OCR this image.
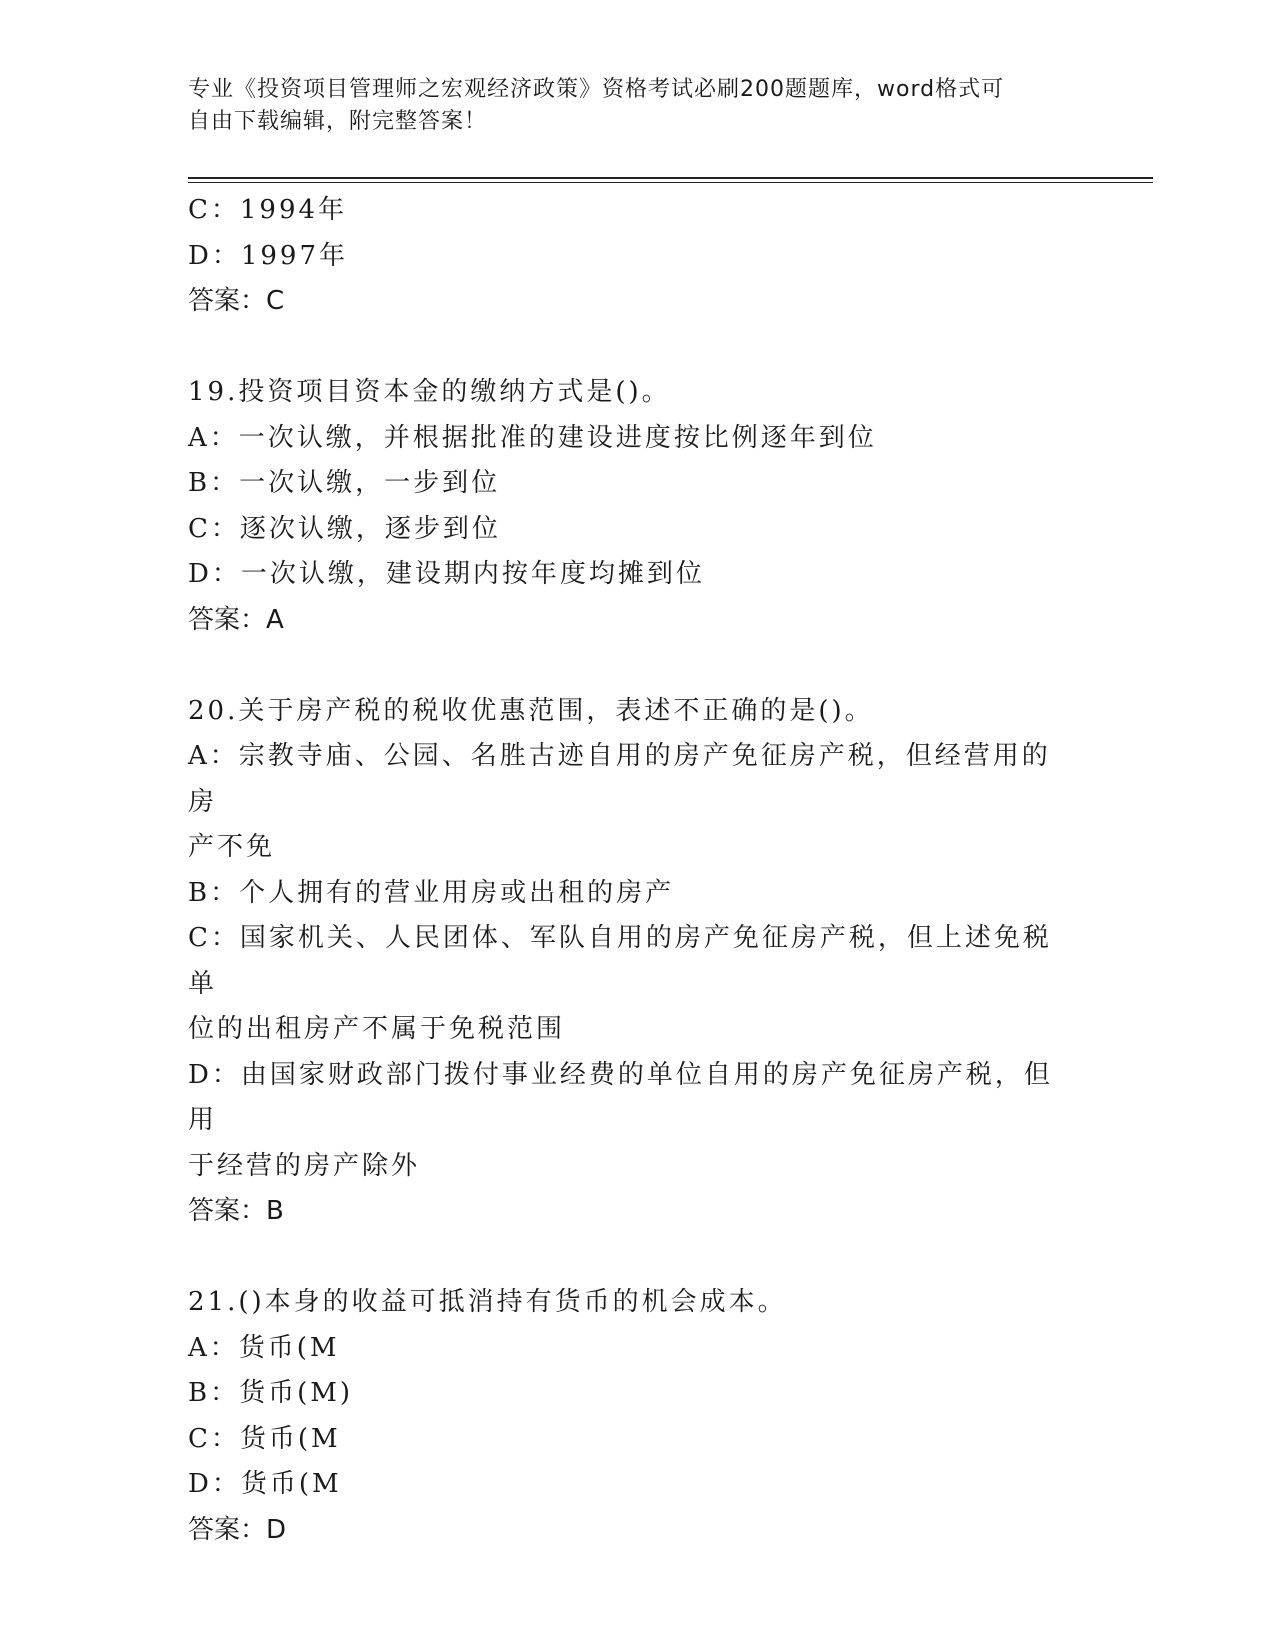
专业《投资项目管理师之宏观经济政策》资格考试必刷200题题库，word格式可
自由下载编辑，附完整答案！
C：1994年
D：1997年
答案：C
19.投资项目资本金的缴纳方式是()。
A：一次认缴，并根据批准的建设进度按比例逐年到位
B：一次认缴，一步到位
C：逐次认缴，逐步到位
D：一次认缴，建设期内按年度均摊到位
答案：A
20.关于房产税的税收优惠范围，表述不正确的是()。
A：宗教寺庙、公园、名胜古迹自用的房产免征房产税，但经营用的房
产不免
B：个人拥有的营业用房或出租的房产
C：国家机关、人民团体、军队自用的房产免征房产税，但上述免税单
位的出租房产不属于免税范围
D：由国家财政部门拨付事业经费的单位自用的房产免征房产税，但用
于经营的房产除外
答案：B
21.()本身的收益可抵消持有货币的机会成本。
A：货币(M
B：货币(M)
C：货币(M
D：货币(M
答案：D
